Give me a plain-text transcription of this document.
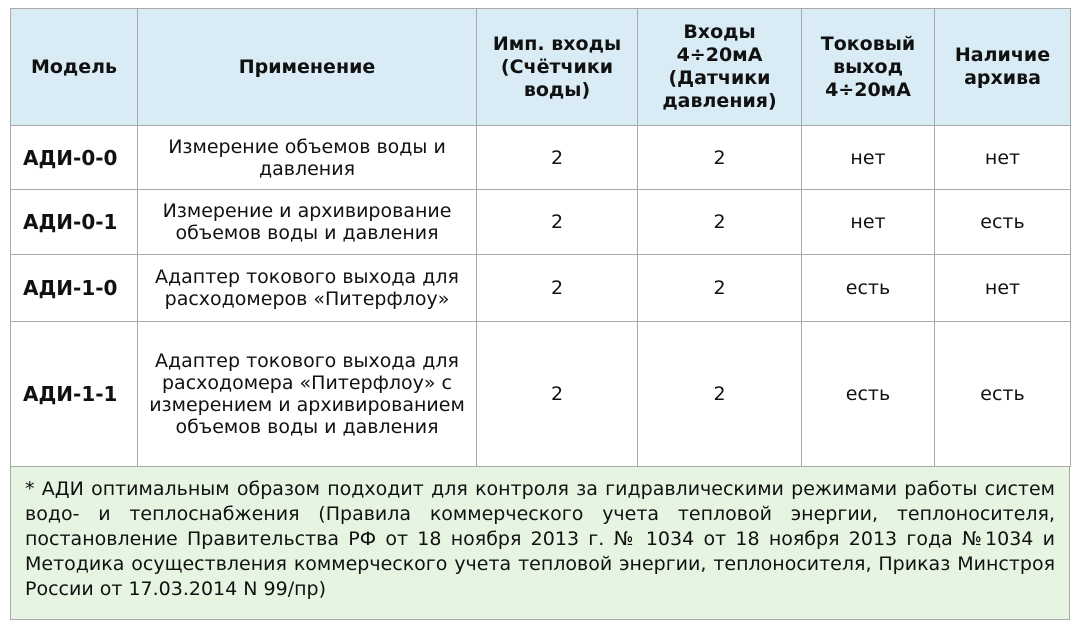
Модель	Применение	Имп. входы (Счётчики воды)	Входы 4÷20мА (Датчики давления)	Токовый выход 4÷20мА	Наличие архива
АДИ-0-0	Измерение объемов воды и давления	2	2	нет	нет
АДИ-0-1	Измерение и архивирование объемов воды и давления	2	2	нет	есть
АДИ-1-0	Адаптер токового выхода для расходомеров «Питерфлоу»	2	2	есть	нет
АДИ-1-1	Адаптер токового выхода для расходомера «Питерфлоу» с измерением и архивированием объемов воды и давления	2	2	есть	есть
* АДИ оптимальным образом подходит для контроля за гидравлическими режимами работы систем водо- и теплоснабжения (Правила коммерческого учета тепловой энергии, теплоносителя, постановление Правительства РФ от 18 ноября 2013 г. № 1034 от 18 ноября 2013 года №1034 и Методика осуществления коммерческого учета тепловой энергии, теплоносителя, Приказ Минстроя России от 17.03.2014 N 99/пр)
